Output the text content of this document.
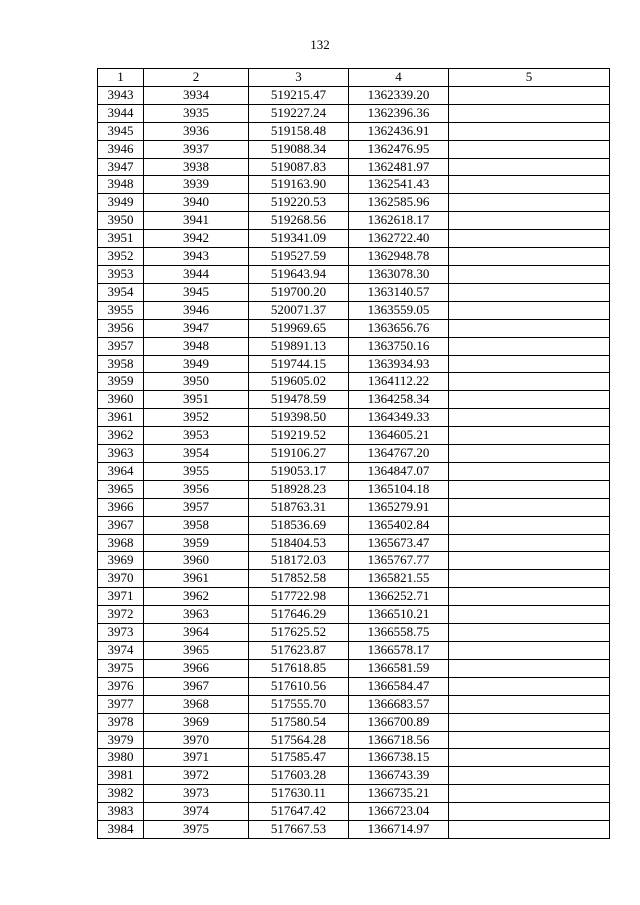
132
1	2	3	4	5
3943	3934	519215.47	1362339.20	
3944	3935	519227.24	1362396.36	
3945	3936	519158.48	1362436.91	
3946	3937	519088.34	1362476.95	
3947	3938	519087.83	1362481.97	
3948	3939	519163.90	1362541.43	
3949	3940	519220.53	1362585.96	
3950	3941	519268.56	1362618.17	
3951	3942	519341.09	1362722.40	
3952	3943	519527.59	1362948.78	
3953	3944	519643.94	1363078.30	
3954	3945	519700.20	1363140.57	
3955	3946	520071.37	1363559.05	
3956	3947	519969.65	1363656.76	
3957	3948	519891.13	1363750.16	
3958	3949	519744.15	1363934.93	
3959	3950	519605.02	1364112.22	
3960	3951	519478.59	1364258.34	
3961	3952	519398.50	1364349.33	
3962	3953	519219.52	1364605.21	
3963	3954	519106.27	1364767.20	
3964	3955	519053.17	1364847.07	
3965	3956	518928.23	1365104.18	
3966	3957	518763.31	1365279.91	
3967	3958	518536.69	1365402.84	
3968	3959	518404.53	1365673.47	
3969	3960	518172.03	1365767.77	
3970	3961	517852.58	1365821.55	
3971	3962	517722.98	1366252.71	
3972	3963	517646.29	1366510.21	
3973	3964	517625.52	1366558.75	
3974	3965	517623.87	1366578.17	
3975	3966	517618.85	1366581.59	
3976	3967	517610.56	1366584.47	
3977	3968	517555.70	1366683.57	
3978	3969	517580.54	1366700.89	
3979	3970	517564.28	1366718.56	
3980	3971	517585.47	1366738.15	
3981	3972	517603.28	1366743.39	
3982	3973	517630.11	1366735.21	
3983	3974	517647.42	1366723.04	
3984	3975	517667.53	1366714.97	
